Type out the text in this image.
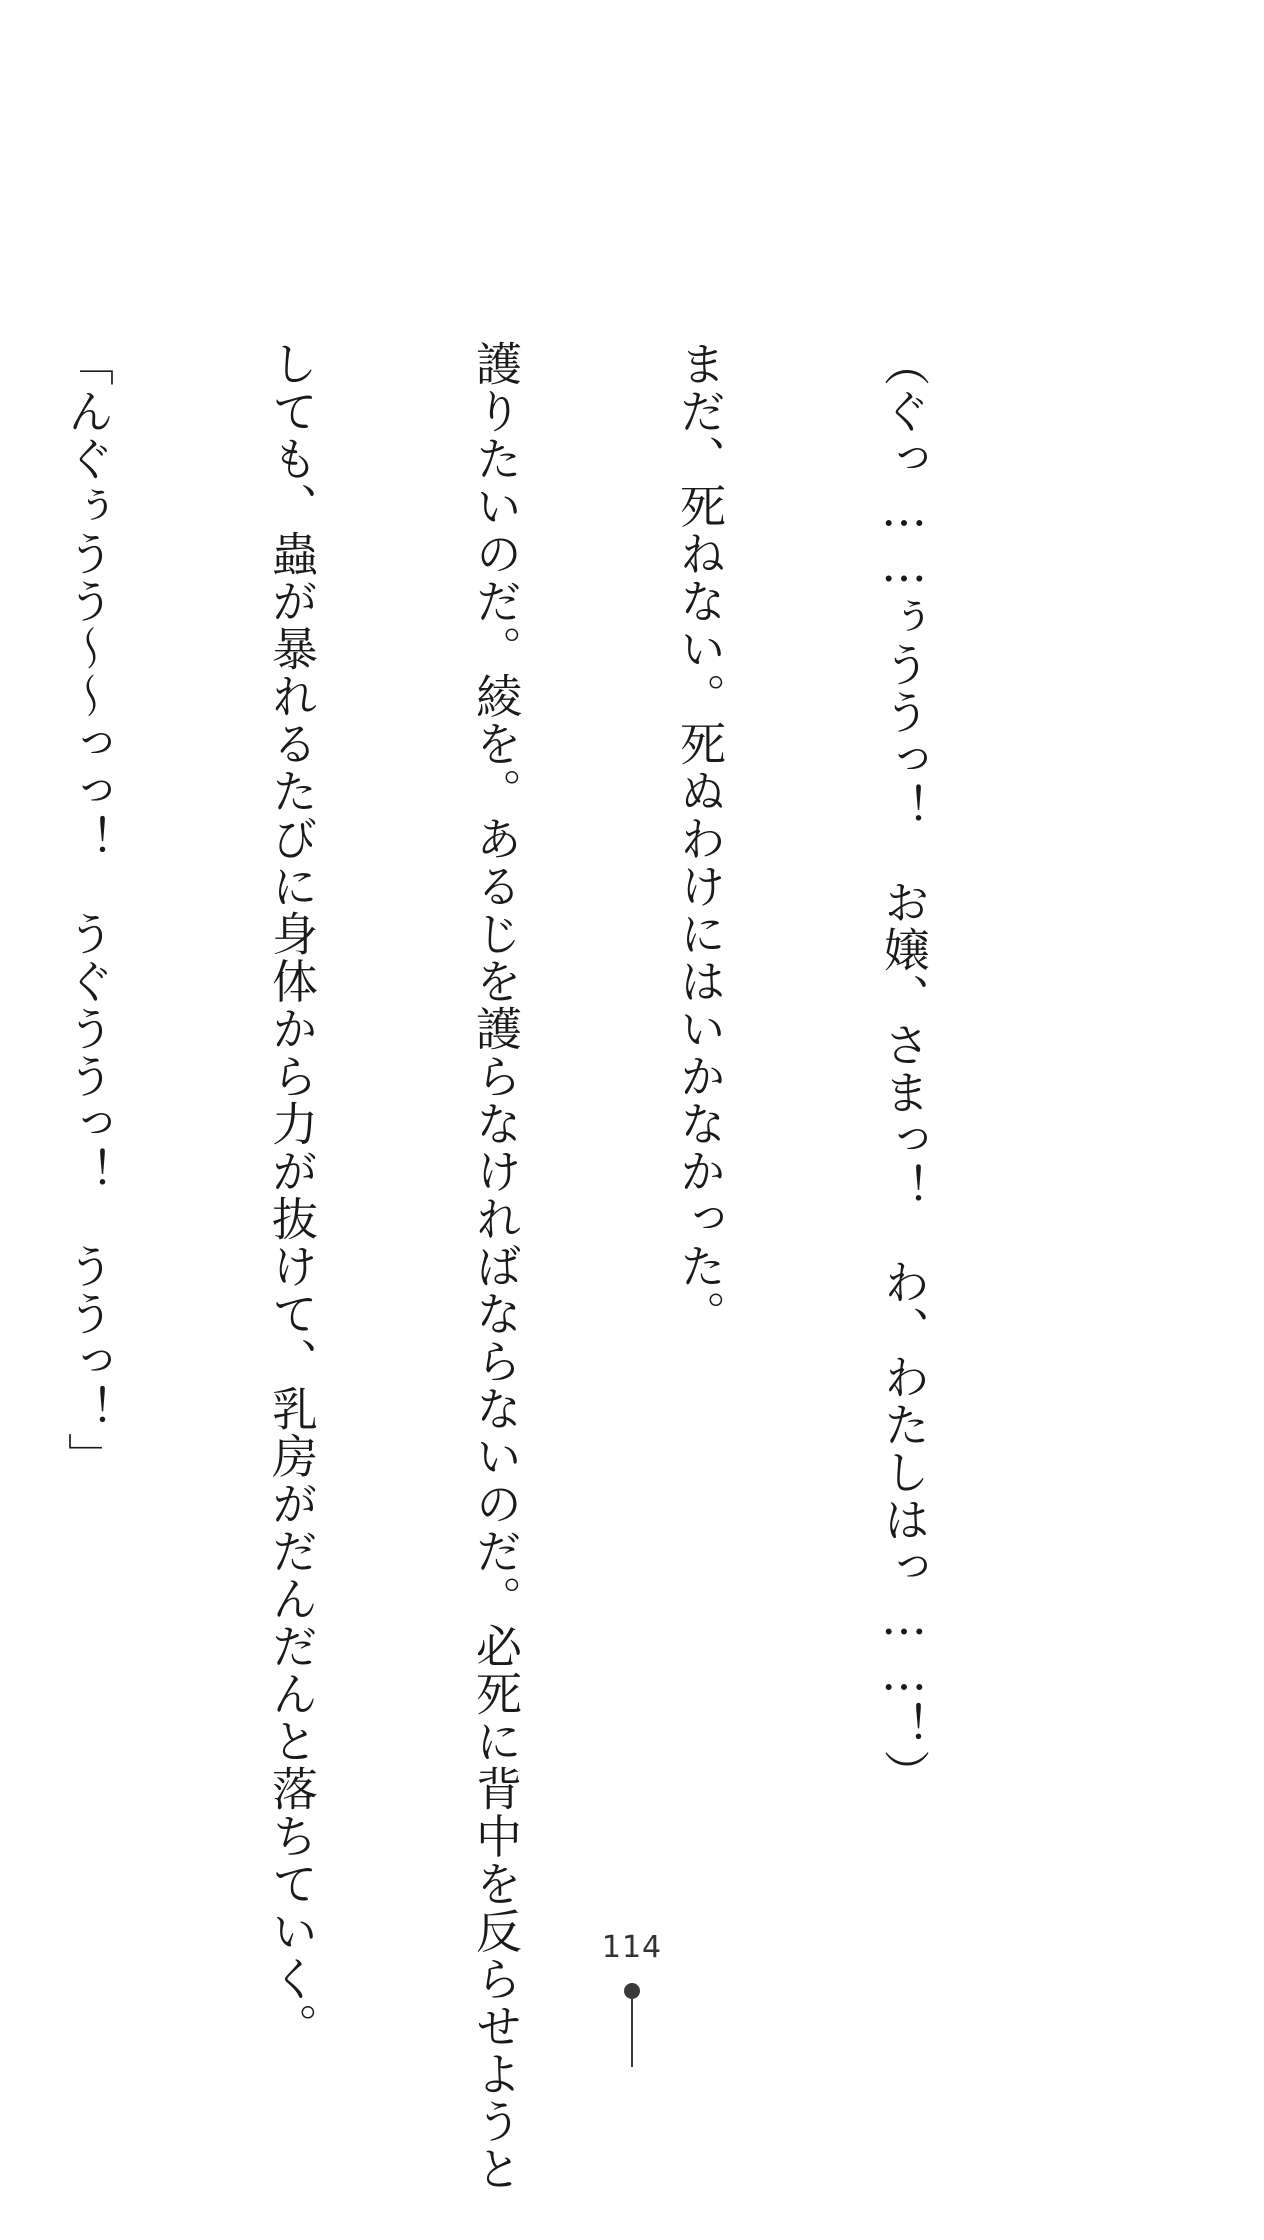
（ぐっ……ぅううっ！　お嬢、さまっ！　わ、わたしはっ……！）

まだ、死ねない。死ぬわけにはいかなかった。

護りたいのだ。綾を。あるじを護らなければならないのだ。必死に背中を反らせようと

しても、蟲が暴れるたびに身体から力が抜けて、乳房がだんだんと落ちていく。

「んぐぅうう〜〜っっ！　うぐううっ！　ううっ！」

114
